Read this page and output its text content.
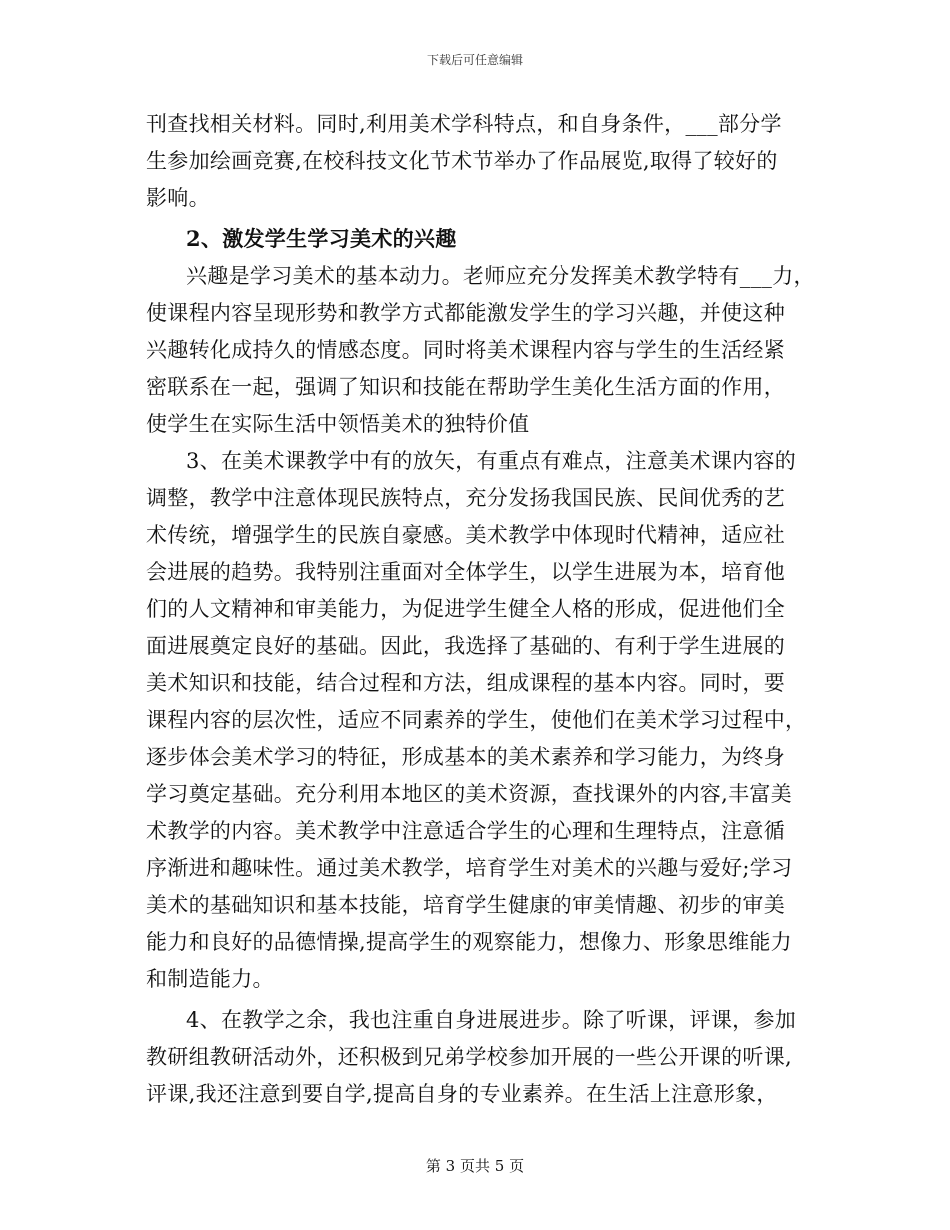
下载后可任意编辑
刊查找相关材料。同时,利用美术学科特点，和自身条件，___部分学
生参加绘画竞赛,在校科技文化节术节举办了作品展览,取得了较好的
影响。
2、激发学生学习美术的兴趣
兴趣是学习美术的基本动力。老师应充分发挥美术教学特有___力，
使课程内容呈现形势和教学方式都能激发学生的学习兴趣，并使这种
兴趣转化成持久的情感态度。同时将美术课程内容与学生的生活经紧
密联系在一起，强调了知识和技能在帮助学生美化生活方面的作用，
使学生在实际生活中领悟美术的独特价值
3、在美术课教学中有的放矢，有重点有难点，注意美术课内容的
调整，教学中注意体现民族特点，充分发扬我国民族、民间优秀的艺
术传统，增强学生的民族自豪感。美术教学中体现时代精神，适应社
会进展的趋势。我特别注重面对全体学生，以学生进展为本，培育他
们的人文精神和审美能力，为促进学生健全人格的形成，促进他们全
面进展奠定良好的基础。因此，我选择了基础的、有利于学生进展的
美术知识和技能，结合过程和方法，组成课程的基本内容。同时，要
课程内容的层次性，适应不同素养的学生，使他们在美术学习过程中，
逐步体会美术学习的特征，形成基本的美术素养和学习能力，为终身
学习奠定基础。充分利用本地区的美术资源，查找课外的内容,丰富美
术教学的内容。美术教学中注意适合学生的心理和生理特点，注意循
序渐进和趣味性。通过美术教学，培育学生对美术的兴趣与爱好;学习
美术的基础知识和基本技能，培育学生健康的审美情趣、初步的审美
能力和良好的品德情操,提高学生的观察能力，想像力、形象思维能力
和制造能力。
4、在教学之余，我也注重自身进展进步。除了听课，评课，参加
教研组教研活动外，还积极到兄弟学校参加开展的一些公开课的听课,
评课,我还注意到要自学,提高自身的专业素养。在生活上注意形象，
第 3 页共 5 页
